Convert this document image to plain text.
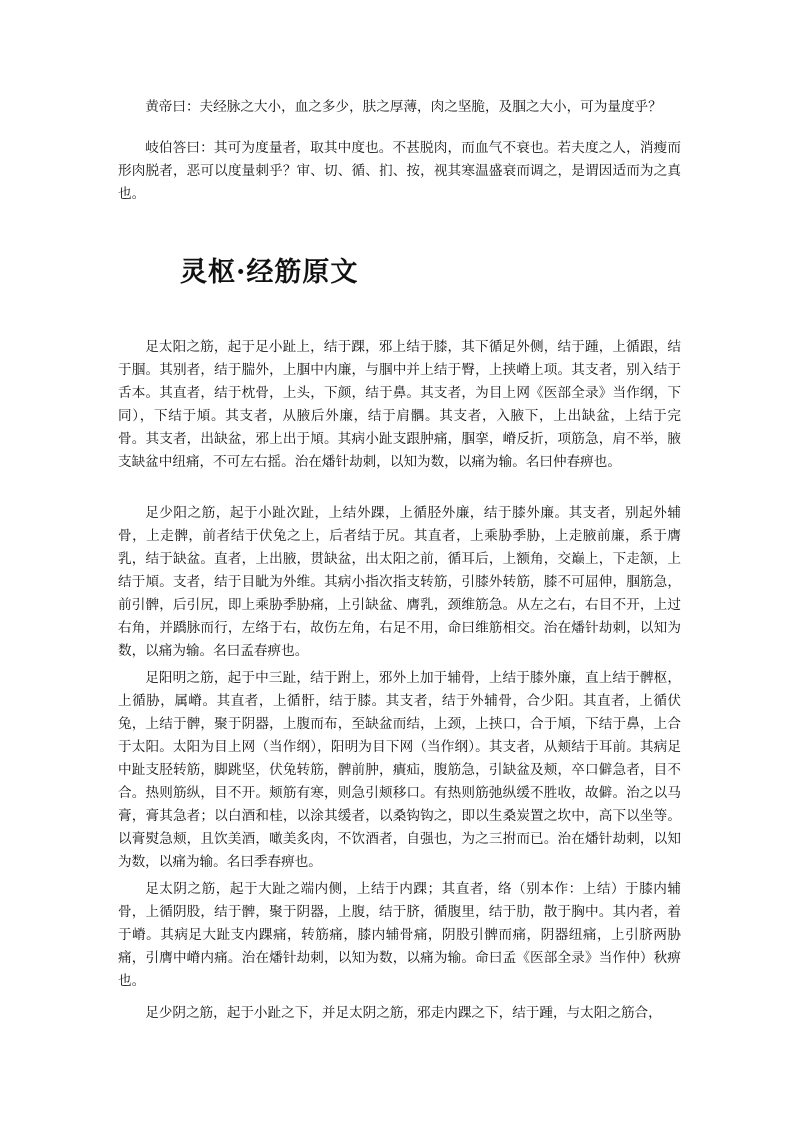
黄帝曰：夫经脉之大小，血之多少，肤之厚薄，肉之坚脆，及腘之大小，可为量度乎？

岐伯答曰：其可为度量者，取其中度也。不甚脱肉，而血气不衰也。若夫度之人，消瘦而形肉脱者，恶可以度量刺乎？审、切、循、扪、按，视其寒温盛衰而调之，是谓因适而为之真也。

灵枢·经筋原文

足太阳之筋，起于足小趾上，结于踝，邪上结于膝，其下循足外侧，结于踵，上循跟，结于腘。其别者，结于腨外，上腘中内廉，与腘中并上结于臀，上挟嵴上项。其支者，别入结于舌本。其直者，结于枕骨，上头，下颜，结于鼻。其支者，为目上网《医部全录》当作纲，下同），下结于頄。其支者，从腋后外廉，结于肩髃。其支者，入腋下，上出缺盆，上结于完骨。其支者，出缺盆，邪上出于頄。其病小趾支跟肿痛，腘挛，嵴反折，项筋急，肩不举，腋支缺盆中纽痛，不可左右摇。治在燔针劫刺，以知为数，以痛为输。名曰仲春痹也。

足少阳之筋，起于小趾次趾，上结外踝，上循胫外廉，结于膝外廉。其支者，别起外辅骨，上走髀，前者结于伏兔之上，后者结于尻。其直者，上乘胁季胁，上走腋前廉，系于膺乳，结于缺盆。直者，上出腋，贯缺盆，出太阳之前，循耳后，上额角，交巅上，下走颔，上结于頄。支者，结于目眦为外维。其病小指次指支转筋，引膝外转筋，膝不可屈伸，腘筋急，前引髀，后引尻，即上乘胁季胁痛，上引缺盆、膺乳，颈维筋急。从左之右，右目不开，上过右角，并蹻脉而行，左络于右，故伤左角，右足不用，命曰维筋相交。治在燔针劫刺，以知为数，以痛为输。名曰孟春痹也。

足阳明之筋，起于中三趾，结于跗上，邪外上加于辅骨，上结于膝外廉，直上结于髀枢，上循胁，属嵴。其直者，上循骭，结于膝。其支者，结于外辅骨，合少阳。其直者，上循伏兔，上结于髀，聚于阴器，上腹而布，至缺盆而结，上颈，上挟口，合于頄，下结于鼻，上合于太阳。太阳为目上网（当作纲），阳明为目下网（当作纲）。其支者，从颊结于耳前。其病足中趾支胫转筋，脚跳坚，伏兔转筋，髀前肿，㿉疝，腹筋急，引缺盆及颊，卒口僻急者，目不合。热则筋纵，目不开。颊筋有寒，则急引颊移口。有热则筋弛纵缓不胜收，故僻。治之以马膏，膏其急者；以白酒和桂，以涂其缓者，以桑钩钩之，即以生桑炭置之坎中，高下以坐等。以膏熨急颊，且饮美酒，噉美炙肉，不饮酒者，自强也，为之三拊而已。治在燔针劫刺，以知为数，以痛为输。名曰季春痹也。

足太阴之筋，起于大趾之端内侧，上结于内踝；其直者，络（别本作：上结）于膝内辅骨，上循阴股，结于髀，聚于阴器，上腹，结于脐，循腹里，结于肋，散于胸中。其内者，着于嵴。其病足大趾支内踝痛，转筋痛，膝内辅骨痛，阴股引髀而痛，阴器纽痛，上引脐两胁痛，引膺中嵴内痛。治在燔针劫刺，以知为数，以痛为输。命曰孟《医部全录》当作仲）秋痹也。

足少阴之筋，起于小趾之下，并足太阴之筋，邪走内踝之下，结于踵，与太阳之筋合，
